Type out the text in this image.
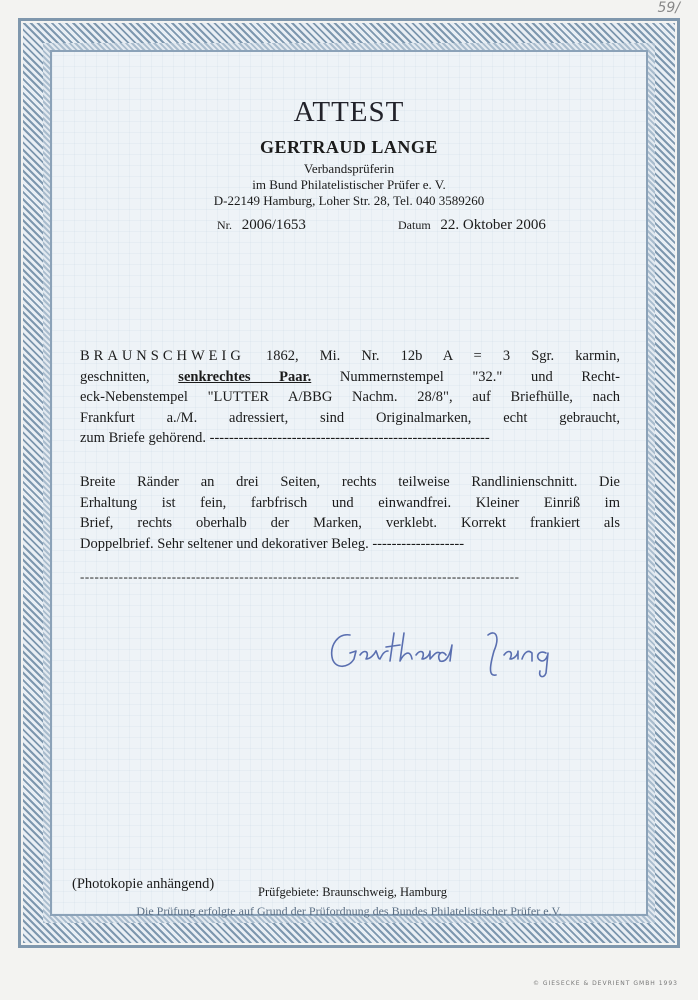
59/
ATTEST
GERTRAUD LANGE
Verbandsprüferin
im Bund Philatelistischer Prüfer e. V.
D-22149 Hamburg, Loher Str. 28, Tel. 040 3589260
Nr. 2006/1653	Datum 22. Oktober 2006
BRAUNSCHWEIG 1862, Mi. Nr. 12b A = 3 Sgr. karmin,
geschnitten, senkrechtes Paar. Nummernstempel "32." und Recht-
eck-Nebenstempel "LUTTER A/BBG Nachm. 28/8", auf Briefhülle, nach
Frankfurt a./M. adressiert, sind Originalmarken, echt gebraucht,
zum Briefe gehörend. ----------------------------------------------------------
Breite Ränder an drei Seiten, rechts teilweise Randlinienschnitt. Die
Erhaltung ist fein, farbfrisch und einwandfrei. Kleiner Einriß im
Brief, rechts oberhalb der Marken, verklebt. Korrekt frankiert als
Doppelbrief. Sehr seltener und dekorativer Beleg. -------------------
-------------------------------------------------------------------------------------------
(Photokopie anhängend)	Prüfgebiete: Braunschweig, Hamburg
Die Prüfung erfolgte auf Grund der Prüfordnung des Bundes Philatelistischer Prüfer e.V.
© GIESECKE & DEVRIENT GMBH 1993
